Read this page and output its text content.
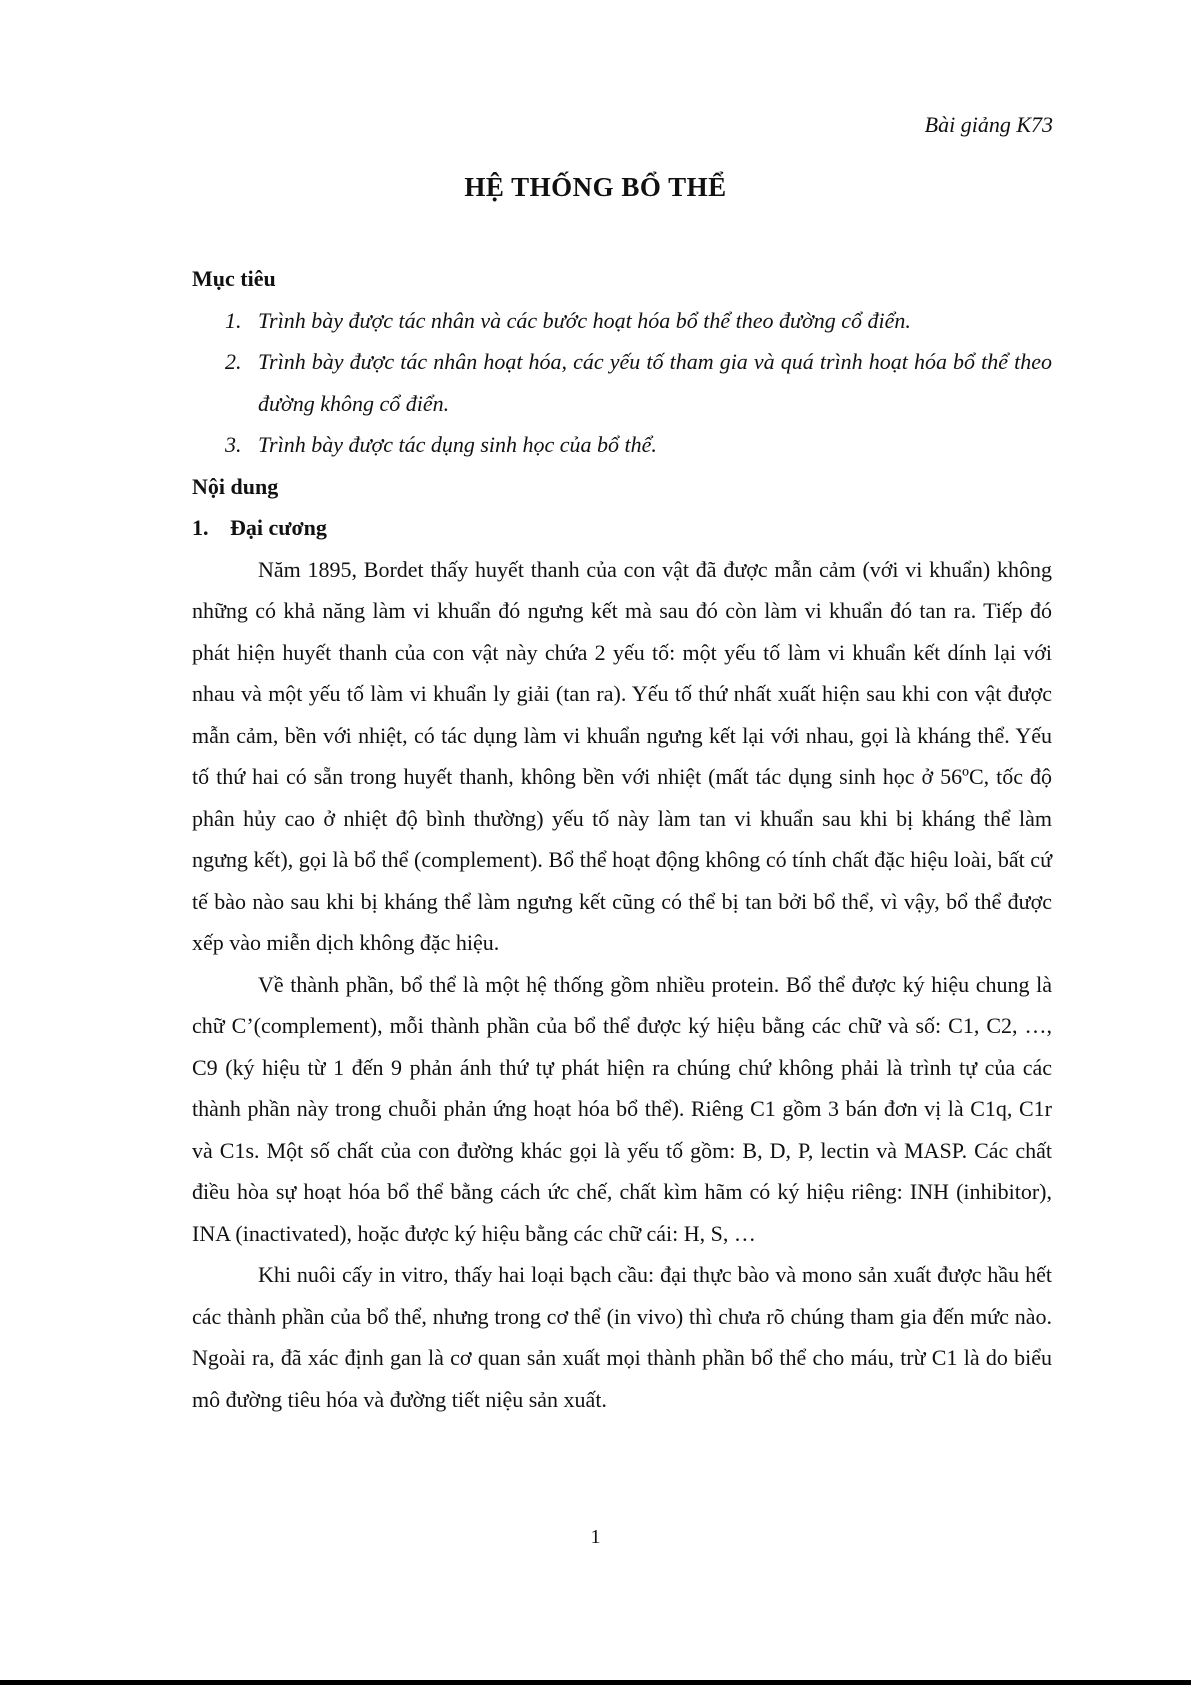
Bài giảng K73
HỆ THỐNG BỔ THỂ

Mục tiêu

1. Trình bày được tác nhân và các bước hoạt hóa bổ thể theo đường cổ điển.
2. Trình bày được tác nhân hoạt hóa, các yếu tố tham gia và quá trình hoạt hóa bổ thể theo đường không cổ điển.
3. Trình bày được tác dụng sinh học của bổ thể.

Nội dung

1. Đại cương

Năm 1895, Bordet thấy huyết thanh của con vật đã được mẫn cảm (với vi khuẩn) không những có khả năng làm vi khuẩn đó ngưng kết mà sau đó còn làm vi khuẩn đó tan ra. Tiếp đó phát hiện huyết thanh của con vật này chứa 2 yếu tố: một yếu tố làm vi khuẩn kết dính lại với nhau và một yếu tố làm vi khuẩn ly giải (tan ra). Yếu tố thứ nhất xuất hiện sau khi con vật được mẫn cảm, bền với nhiệt, có tác dụng làm vi khuẩn ngưng kết lại với nhau, gọi là kháng thể. Yếu tố thứ hai có sẵn trong huyết thanh, không bền với nhiệt (mất tác dụng sinh học ở 56ºC, tốc độ phân hủy cao ở nhiệt độ bình thường) yếu tố này làm tan vi khuẩn sau khi bị kháng thể làm ngưng kết), gọi là bổ thể (complement). Bổ thể hoạt động không có tính chất đặc hiệu loài, bất cứ tế bào nào sau khi bị kháng thể làm ngưng kết cũng có thể bị tan bởi bổ thể, vì vậy, bổ thể được xếp vào miễn dịch không đặc hiệu.

Về thành phần, bổ thể là một hệ thống gồm nhiều protein. Bổ thể được ký hiệu chung là chữ C’(complement), mỗi thành phần của bổ thể được ký hiệu bằng các chữ và số: C1, C2, …, C9 (ký hiệu từ 1 đến 9 phản ánh thứ tự phát hiện ra chúng chứ không phải là trình tự của các thành phần này trong chuỗi phản ứng hoạt hóa bổ thể). Riêng C1 gồm 3 bán đơn vị là C1q, C1r và C1s. Một số chất của con đường khác gọi là yếu tố gồm: B, D, P, lectin và MASP. Các chất điều hòa sự hoạt hóa bổ thể bằng cách ức chế, chất kìm hãm có ký hiệu riêng: INH (inhibitor), INA (inactivated), hoặc được ký hiệu bằng các chữ cái: H, S, …

Khi nuôi cấy in vitro, thấy hai loại bạch cầu: đại thực bào và mono sản xuất được hầu hết các thành phần của bổ thể, nhưng trong cơ thể (in vivo) thì chưa rõ chúng tham gia đến mức nào. Ngoài ra, đã xác định gan là cơ quan sản xuất mọi thành phần bổ thể cho máu, trừ C1 là do biểu mô đường tiêu hóa và đường tiết niệu sản xuất.

1
